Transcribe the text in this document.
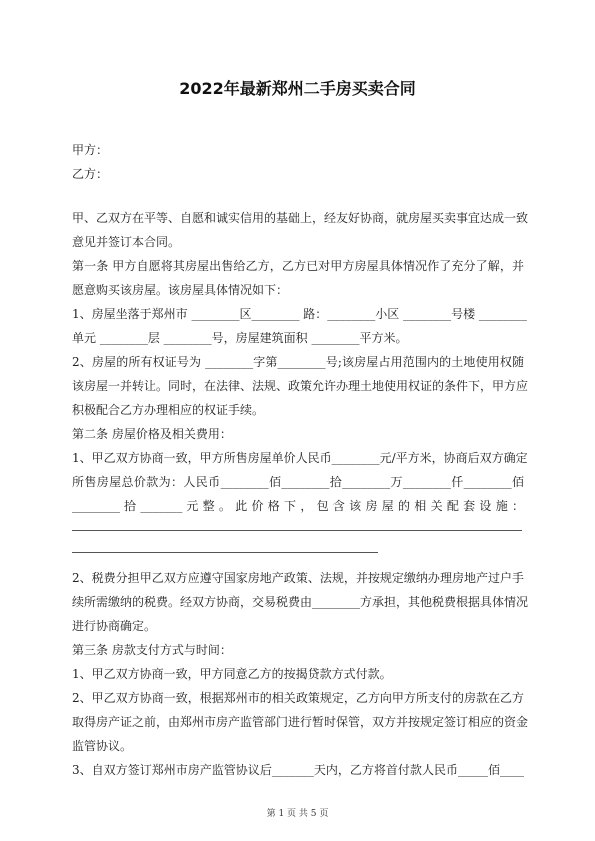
2022年最新郑州二手房买卖合同
甲方：
乙方：
甲、乙双方在平等、自愿和诚实信用的基础上，经友好协商，就房屋买卖事宜达成一致
意见并签订本合同。
第一条 甲方自愿将其房屋出售给乙方，乙方已对甲方房屋具体情况作了充分了解，并
愿意购买该房屋。该房屋具体情况如下：
1、房屋坐落于郑州市 ________区________ 路：________小区 ________号楼 ________
单元 ________层 ________号，房屋建筑面积 ________平方米。
2、房屋的所有权证号为 ________字第________号;该房屋占用范围内的土地使用权随
该房屋一并转让。同时，在法律、法规、政策允许办理土地使用权证的条件下，甲方应
积极配合乙方办理相应的权证手续。
第二条 房屋价格及相关费用：
1、甲乙双方协商一致，甲方所售房屋单价人民币________元/平方米，协商后双方确定
所售房屋总价款为：人民币________佰________拾________万________仟________佰
________ 拾 _______ 元 整 。 此 价 格 下 ， 包 含 该 房 屋 的 相 关 配 套 设 施 ：
2、税费分担甲乙双方应遵守国家房地产政策、法规，并按规定缴纳办理房地产过户手
续所需缴纳的税费。经双方协商，交易税费由________方承担，其他税费根据具体情况
进行协商确定。
第三条 房款支付方式与时间：
1、甲乙双方协商一致，甲方同意乙方的按揭贷款方式付款。
2、甲乙双方协商一致，根据郑州市的相关政策规定，乙方向甲方所支付的房款在乙方
取得房产证之前，由郑州市房产监管部门进行暂时保管，双方并按规定签订相应的资金
监管协议。
3、自双方签订郑州市房产监管协议后_______天内，乙方将首付款人民币_____佰____
第 1 页 共 5 页
